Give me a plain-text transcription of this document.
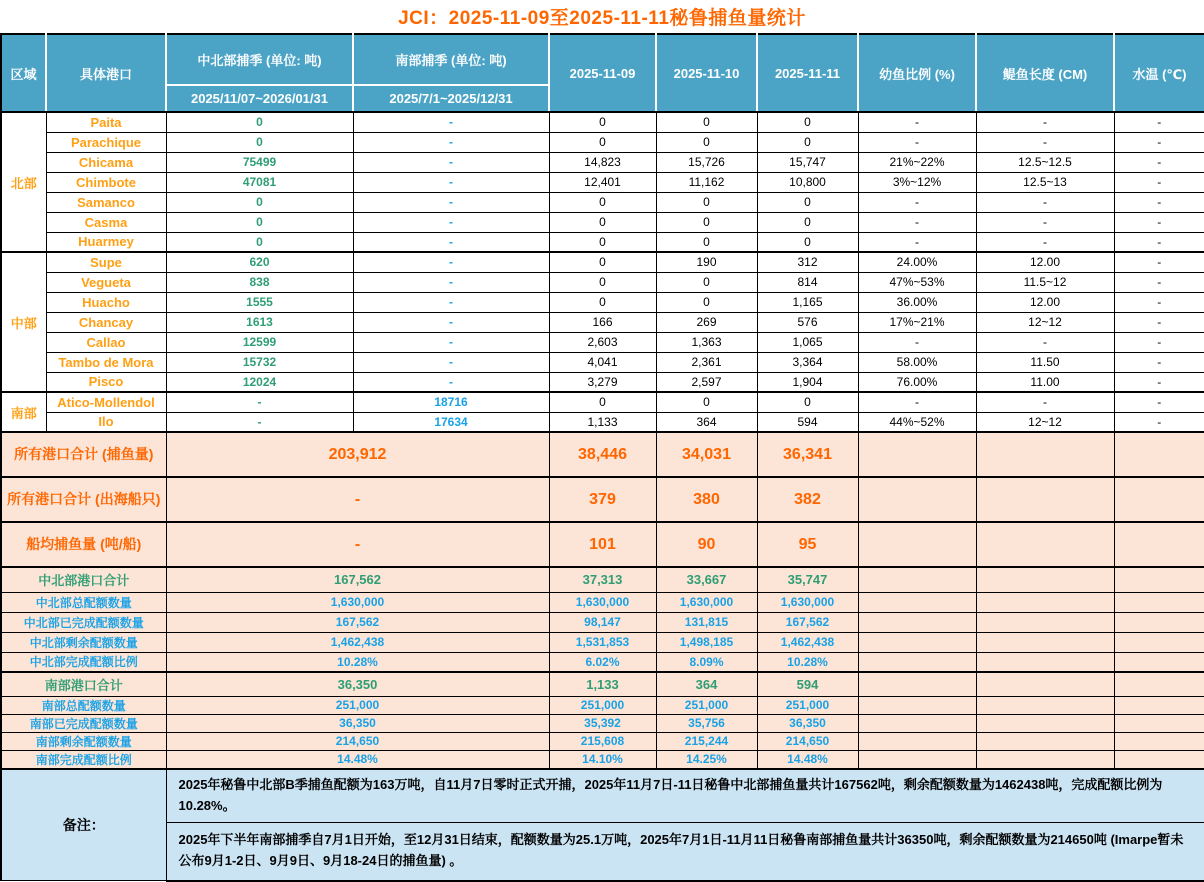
JCI：2025-11-09至2025-11-11秘鲁捕鱼量统计
区域	具体港口	中北部捕季 (单位: 吨)	南部捕季 (单位: 吨)	2025-11-09	2025-11-10	2025-11-11	幼鱼比例 (%)	鳀鱼长度 (CM)	水温 (℃)
		2025/11/07~2026/01/31	2025/7/1~2025/12/31						
北部	Paita	0	-	0	0	0	-	-	-
	Parachique	0	-	0	0	0	-	-	-
	Chicama	75499	-	14,823	15,726	15,747	21%~22%	12.5~12.5	-
	Chimbote	47081	-	12,401	11,162	10,800	3%~12%	12.5~13	-
	Samanco	0	-	0	0	0	-	-	-
	Casma	0	-	0	0	0	-	-	-
	Huarmey	0	-	0	0	0	-	-	-
中部	Supe	620	-	0	190	312	24.00%	12.00	-
	Vegueta	838	-	0	0	814	47%~53%	11.5~12	-
	Huacho	1555	-	0	0	1,165	36.00%	12.00	-
	Chancay	1613	-	166	269	576	17%~21%	12~12	-
	Callao	12599	-	2,603	1,363	1,065	-	-	-
	Tambo de Mora	15732	-	4,041	2,361	3,364	58.00%	11.50	-
	Pisco	12024	-	3,279	2,597	1,904	76.00%	11.00	-
南部	Atico-Mollendol	-	18716	0	0	0	-	-	-
	Ilo	-	17634	1,133	364	594	44%~52%	12~12	-
所有港口合计 (捕鱼量)		203,912		38,446	34,031	36,341			
所有港口合计 (出海船只)		-		379	380	382			
船均捕鱼量 (吨/船)		-		101	90	95			
中北部港口合计		167,562		37,313	33,667	35,747			
中北部总配额数量		1,630,000		1,630,000	1,630,000	1,630,000			
中北部已完成配额数量		167,562		98,147	131,815	167,562			
中北部剩余配额数量		1,462,438		1,531,853	1,498,185	1,462,438			
中北部完成配额比例		10.28%		6.02%	8.09%	10.28%			
南部港口合计		36,350		1,133	364	594			
南部总配额数量		251,000		251,000	251,000	251,000			
南部已完成配额数量		36,350		35,392	35,756	36,350			
南部剩余配额数量		214,650		215,608	215,244	214,650			
南部完成配额比例		14.48%		14.10%	14.25%	14.48%			
备注：		2025年秘鲁中北部B季捕鱼配额为163万吨，自11月7日零时正式开捕，2025年11月7日-11日秘鲁中北部捕鱼量共计167562吨，剩余配额数量为1462438吨，完成配额比例为10.28%。							
		2025年下半年南部捕季自7月1日开始，至12月31日结束，配额数量为25.1万吨，2025年7月1日-11月11日秘鲁南部捕鱼量共计36350吨，剩余配额数量为214650吨 (Imarpe暂未公布9月1-2日、9月9日、9月18-24日的捕鱼量) 。							
